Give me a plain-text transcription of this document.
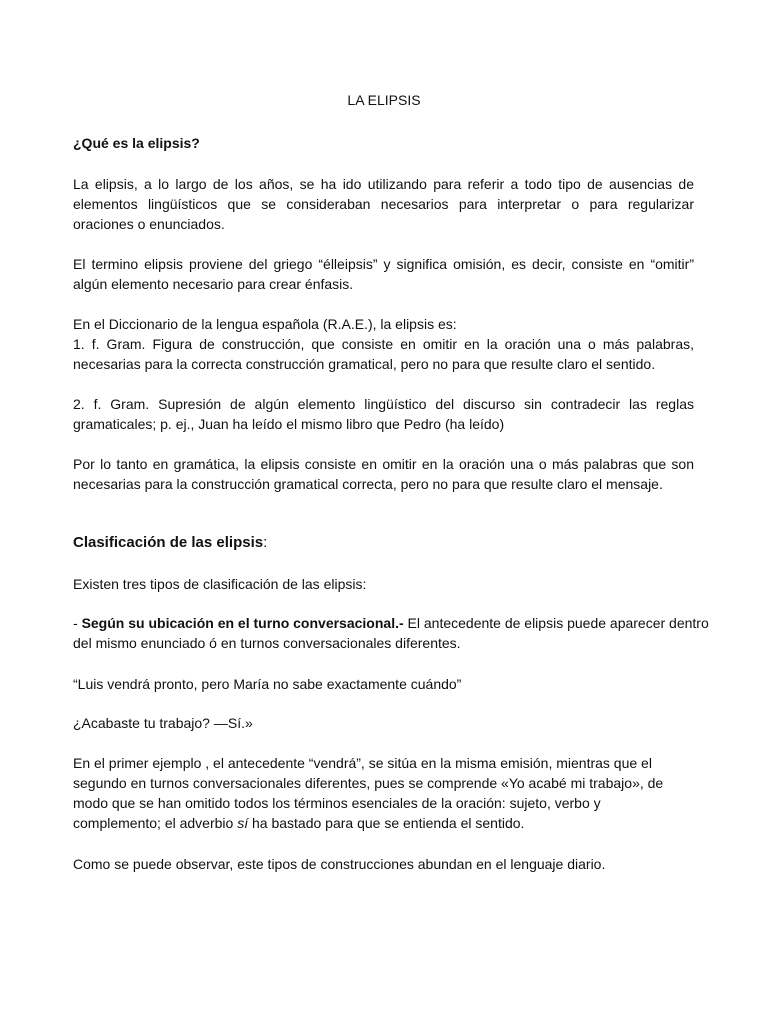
LA ELIPSIS
¿Qué es la elipsis?
La elipsis, a lo largo de los años, se ha ido utilizando para referir a todo tipo de ausencias de
elementos lingüísticos que se consideraban necesarios para interpretar o para regularizar
oraciones o enunciados.
El termino elipsis proviene del griego “élleipsis” y significa omisión, es decir, consiste en “omitir”
algún elemento necesario para crear énfasis.
En el Diccionario de la lengua española (R.A.E.), la elipsis es:
1. f. Gram. Figura de construcción, que consiste en omitir en la oración una o más palabras,
necesarias para la correcta construcción gramatical, pero no para que resulte claro el sentido.
2. f. Gram. Supresión de algún elemento lingüístico del discurso sin contradecir las reglas
gramaticales; p. ej., Juan ha leído el mismo libro que Pedro (ha leído)
Por lo tanto en gramática, la elipsis consiste en omitir en la oración una o más palabras que son
necesarias para la construcción gramatical correcta, pero no para que resulte claro el mensaje.
Clasificación de las elipsis:
Existen tres tipos de clasificación de las elipsis:
- Según su ubicación en el turno conversacional.- El antecedente de elipsis puede aparecer dentro
del mismo enunciado ó en turnos conversacionales diferentes.
“Luis vendrá pronto, pero María no sabe exactamente cuándo”
¿Acabaste tu trabajo? —Sí.»
En el primer ejemplo , el antecedente “vendrá”, se sitúa en la misma emisión, mientras que el
segundo en turnos conversacionales diferentes, pues se comprende «Yo acabé mi trabajo», de
modo que se han omitido todos los términos esenciales de la oración: sujeto, verbo y
complemento; el adverbio sí ha bastado para que se entienda el sentido.
Como se puede observar, este tipos de construcciones abundan en el lenguaje diario.
